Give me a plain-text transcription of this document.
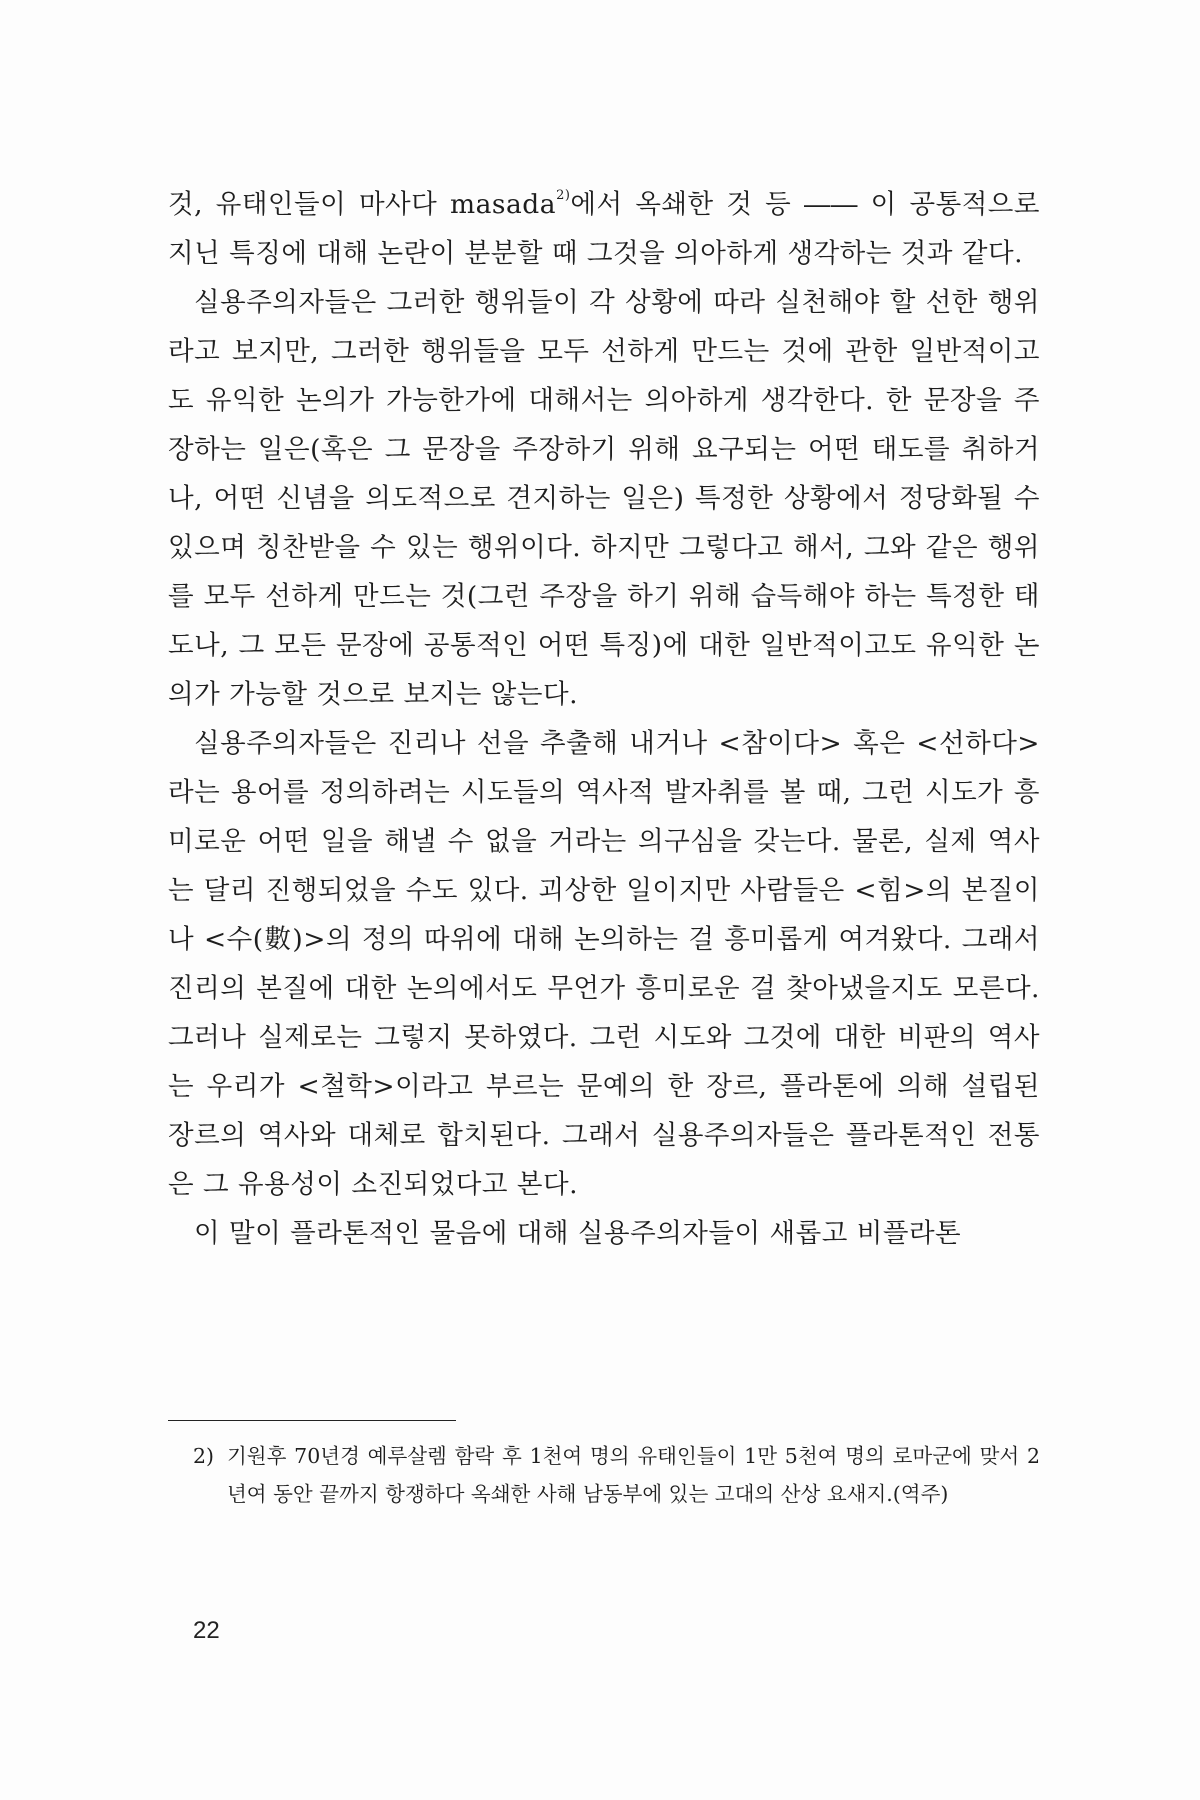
것, 유태인들이 마사다 masada$^{2)}$에서 옥쇄한 것 등 ―― 이 공통적으로 지닌 특징에 대해 논란이 분분할 때 그것을 의아하게 생각하는 것과 같다.

실용주의자들은 그러한 행위들이 각 상황에 따라 실천해야 할 선한 행위라고 보지만, 그러한 행위들을 모두 선하게 만드는 것에 관한 일반적이고도 유익한 논의가 가능한가에 대해서는 의아하게 생각한다. 한 문장을 주장하는 일은(혹은 그 문장을 주장하기 위해 요구되는 어떤 태도를 취하거나, 어떤 신념을 의도적으로 견지하는 일은) 특정한 상황에서 정당화될 수 있으며 칭찬받을 수 있는 행위이다. 하지만 그렇다고 해서, 그와 같은 행위를 모두 선하게 만드는 것(그런 주장을 하기 위해 습득해야 하는 특정한 태도나, 그 모든 문장에 공통적인 어떤 특징)에 대한 일반적이고도 유익한 논의가 가능할 것으로 보지는 않는다.

실용주의자들은 진리나 선을 추출해 내거나 <참이다> 혹은 <선하다>라는 용어를 정의하려는 시도들의 역사적 발자취를 볼 때, 그런 시도가 흥미로운 어떤 일을 해낼 수 없을 거라는 의구심을 갖는다. 물론, 실제 역사는 달리 진행되었을 수도 있다. 괴상한 일이지만 사람들은 <힘>의 본질이나 <수(數)>의 정의 따위에 대해 논의하는 걸 흥미롭게 여겨왔다. 그래서 진리의 본질에 대한 논의에서도 무언가 흥미로운 걸 찾아냈을지도 모른다. 그러나 실제로는 그렇지 못하였다. 그런 시도와 그것에 대한 비판의 역사는 우리가 <철학>이라고 부르는 문예의 한 장르, 플라톤에 의해 설립된 장르의 역사와 대체로 합치된다. 그래서 실용주의자들은 플라톤적인 전통은 그 유용성이 소진되었다고 본다.

이 말이 플라톤적인 물음에 대해 실용주의자들이 새롭고 비플라톤

2) 기원후 70년경 예루살렘 함락 후 1천여 명의 유태인들이 1만 5천여 명의 로마군에 맞서 2년여 동안 끝까지 항쟁하다 옥쇄한 사해 남동부에 있는 고대의 산상 요새지.(역주)
22
